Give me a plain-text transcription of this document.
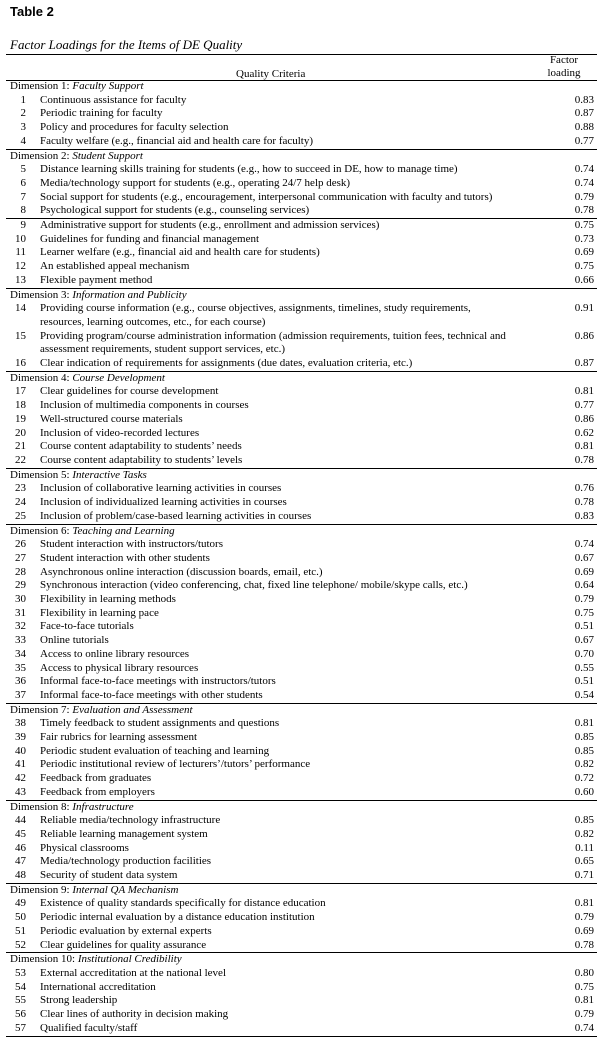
Table 2
Factor Loadings for the Items of DE Quality
Quality Criteria
Factor loading
Dimension 1: Faculty Support
1 Continuous assistance for faculty	0.83
2 Periodic training for faculty	0.87
3 Policy and procedures for faculty selection	0.88
4 Faculty welfare (e.g., financial aid and health care for faculty)	0.77
Dimension 2: Student Support
5 Distance learning skills training for students (e.g., how to succeed in DE, how to manage time)	0.74
6 Media/technology support for students (e.g., operating 24/7 help desk)	0.74
7 Social support for students (e.g., encouragement, interpersonal communication with faculty and tutors)	0.79
8 Psychological support for students (e.g., counseling services)	0.78
9 Administrative support for students (e.g., enrollment and admission services)	0.75
10 Guidelines for funding and financial management	0.73
11 Learner welfare (e.g., financial aid and health care for students)	0.69
12 An established appeal mechanism	0.75
13 Flexible payment method	0.66
Dimension 3: Information and Publicity
14 Providing course information (e.g., course objectives, assignments, timelines, study requirements, resources, learning outcomes, etc., for each course)
0.91
15 Providing program/course administration information (admission requirements, tuition fees, technical and assessment requirements, student support services, etc.)
0.86
16 Clear indication of requirements for assignments (due dates, evaluation criteria, etc.)	0.87
Dimension 4: Course Development
17 Clear guidelines for course development	0.81
18 Inclusion of multimedia components in courses	0.77
19 Well-structured course materials	0.86
20 Inclusion of video-recorded lectures	0.62
21 Course content adaptability to students’ needs	0.81
22 Course content adaptability to students’ levels	0.78
Dimension 5: Interactive Tasks
23 Inclusion of collaborative learning activities in courses	0.76
24 Inclusion of individualized learning activities in courses	0.78
25 Inclusion of problem/case-based learning activities in courses	0.83
Dimension 6: Teaching and Learning
26 Student interaction with instructors/tutors	0.74
27 Student interaction with other students	0.67
28 Asynchronous online interaction (discussion boards, email, etc.)	0.69
29 Synchronous interaction (video conferencing, chat, fixed line telephone/ mobile/skype calls, etc.)	0.64
30 Flexibility in learning methods	0.79
31 Flexibility in learning pace	0.75
32 Face-to-face tutorials	0.51
33 Online tutorials	0.67
34 Access to online library resources	0.70
35 Access to physical library resources	0.55
36 Informal face-to-face meetings with instructors/tutors	0.51
37 Informal face-to-face meetings with other students	0.54
Dimension 7: Evaluation and Assessment
38 Timely feedback to student assignments and questions	0.81
39 Fair rubrics for learning assessment	0.85
40 Periodic student evaluation of teaching and learning	0.85
41 Periodic institutional review of lecturers’/tutors’ performance	0.82
42 Feedback from graduates	0.72
43 Feedback from employers	0.60
Dimension 8: Infrastructure
44 Reliable media/technology infrastructure	0.85
45 Reliable learning management system	0.82
46 Physical classrooms	0.11
47 Media/technology production facilities	0.65
48 Security of student data system	0.71
Dimension 9: Internal QA Mechanism
49 Existence of quality standards specifically for distance education	0.81
50 Periodic internal evaluation by a distance education institution	0.79
51 Periodic evaluation by external experts	0.69
52 Clear guidelines for quality assurance	0.78
Dimension 10: Institutional Credibility
53 External accreditation at the national level	0.80
54 International accreditation	0.75
55 Strong leadership	0.81
56 Clear lines of authority in decision making	0.79
57 Qualified faculty/staff	0.74
